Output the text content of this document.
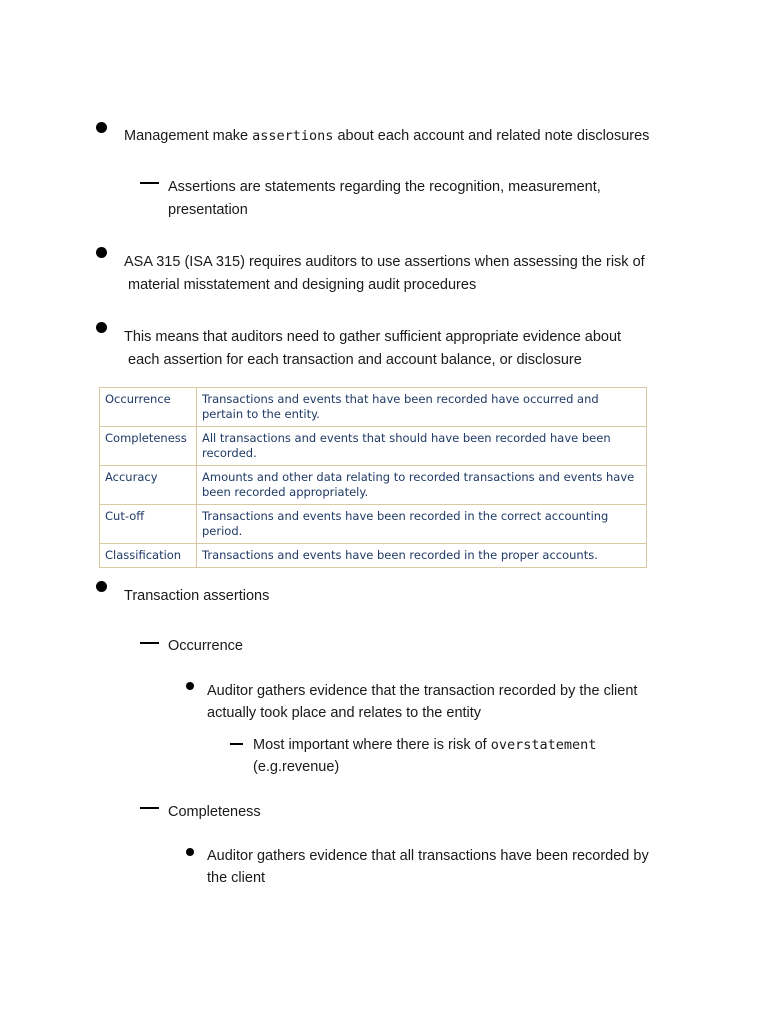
Management make assertions about each account and related note disclosures
Assertions are statements regarding the recognition, measurement,
presentation
ASA 315 (ISA 315) requires auditors to use assertions when assessing the risk of
material misstatement and designing audit procedures
This means that auditors need to gather sufficient appropriate evidence about
each assertion for each transaction and account balance, or disclosure
Occurrence	Transactions and events that have been recorded have occurred and pertain to the entity.
Completeness	All transactions and events that should have been recorded have been recorded.
Accuracy	Amounts and other data relating to recorded transactions and events have been recorded appropriately.
Cut-off	Transactions and events have been recorded in the correct accounting period.
Classification	Transactions and events have been recorded in the proper accounts.
Transaction assertions
Occurrence
Auditor gathers evidence that the transaction recorded by the client
actually took place and relates to the entity
Most important where there is risk of overstatement
(e.g.revenue)
Completeness
Auditor gathers evidence that all transactions have been recorded by
the client
